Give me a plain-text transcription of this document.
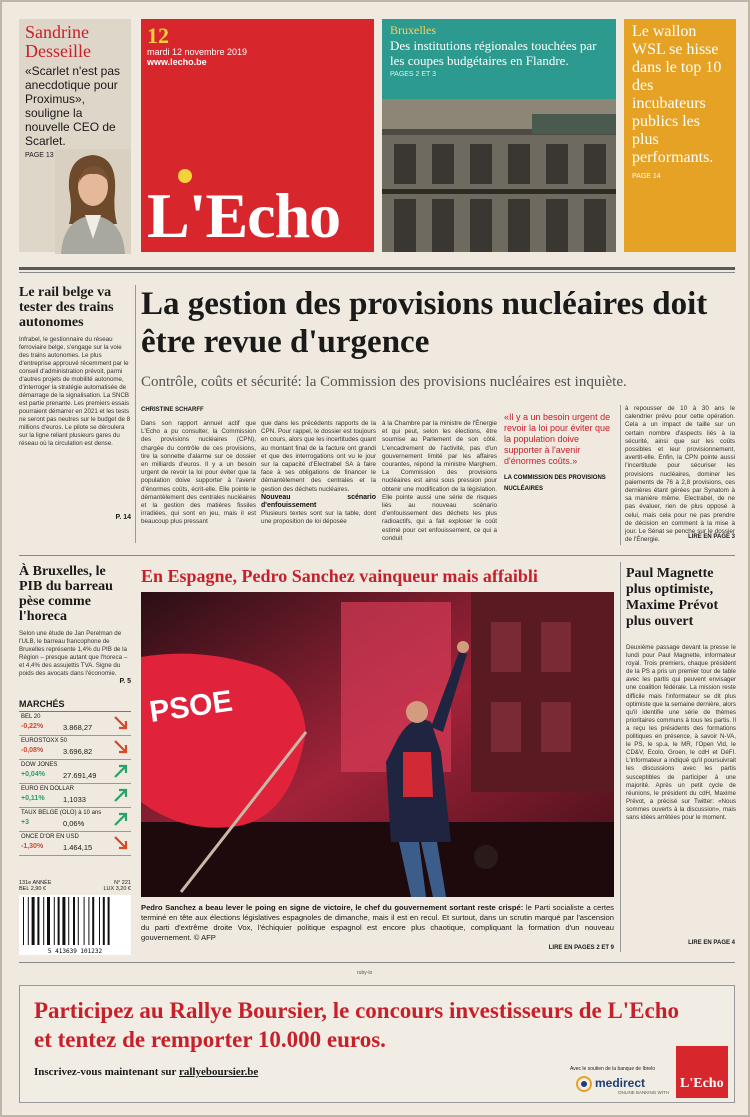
Sandrine Desseille
«Scarlet n'est pas anecdotique pour Proximus», souligne la nouvelle CEO de Scarlet.
PAGE 13
12
mardi 12 novembre 2019
www.lecho.be
L'Echo
Bruxelles
Des institutions régionales touchées par les coupes budgétaires en Flandre.
PAGES 2 ET 3
Le wallon WSL se hisse dans le top 10 des incubateurs publics les plus performants.
PAGE 14
Le rail belge va tester des trains autonomes

Infrabel, le gestionnaire du réseau ferroviaire belge, s'engage sur la voie des trains autonomes. Le plus d'entreprise approuvé récemment par le conseil d'administration prévoit, parmi d'autres projets de mobilité autonome, d'interroger la stratégie automatisée de démarrage de la signalisation. La SNCB est partie prenante. Les premiers essais pourraient démarrer en 2021 et les tests ne seront pas neutres sur le budget de 8 millions d'euros. Le pilote se déroulera sur la ligne reliant plusieurs gares du réseau où la circulation est dense.

P. 14
À Bruxelles, le PIB du barreau pèse comme l'horeca

Selon une étude de Jan Perelman de l'ULB, le barreau francophone de Bruxelles représente 1,4% du PIB de la Région – presque autant que l'horeca – et 4,4% des assujettis TVA. Signe du poids des avocats dans l'économie.

P. 5
MARCHÉS
BEL 20
-0,22%	3.868,27
EUROSTOXX 50
-0,08%	3.696,82
DOW JONES
+0,04% 27.691,49
EURO EN DOLLAR
+0,11% 1,1033
TAUX BELGE (OLO) à 10 ans
+3	0,06%
ONCE D'OR EN USD
-1,30%	1.464,15
131e ANNÉE	N° 221

BEL 2,90 €	LUX 3,20 €
5 413639 101232
La gestion des provisions nucléaires doit être revue d'urgence
Contrôle, coûts et sécurité: la Commission des provisions nucléaires est inquiète.
CHRISTINE SCHARFF
Dans son rapport annuel actif que L'Echo a pu consulter, la Commission des provisions nucléaires (CPN), chargée du contrôle de ces provisions, tire la sonnette d'alarme sur ce dossier en milliards d'euros. Il y a un besoin urgent de revoir la loi pour éviter que la population doive supporter à l'avenir d'énormes coûts, écrit-elle. Elle pointe le démantèlement des centrales nucléaires et la gestion des matières fissiles irradiées, qui sont en jeu, mais il est beaucoup plus pressant
que dans les précédents rapports de la CPN. Pour rappel, le dossier est toujours en cours, alors que les incertitudes quant au montant final de la facture ont grandi et que des interrogations ont vu le jour sur la capacité d'Electrabel SA à faire face à ses obligations de financer le démantèlement des centrales et la gestion des déchets nucléaires.
Nouveau scénario d'enfouissement
Plusieurs textes sont sur la table, dont une proposition de loi déposée
à la Chambre par la ministre de l'Énergie et qui peut, selon les élections, être soumise au Parlement de son côté. L'encadrement de l'activité, pas d'un gouvernement limité par les affaires courantes, répond la ministre Marghem. La Commission des provisions nucléaires est ainsi sous pression pour obtenir une modification de la législation. Elle pointe aussi une série de risques liés au nouveau scénario d'enfouissement des déchets les plus radioactifs, qui a fait exploser le coût estimé pour cet enfouissement, ce qui a conduit
«Il y a un besoin urgent de revoir la loi pour éviter que la population doive supporter à l'avenir d'énormes coûts.»
LA COMMISSION DES PROVISIONS NUCLÉAIRES
à repousser de 10 à 30 ans le calendrier prévu pour cette opération. Cela a un impact de taille sur un certain nombre d'aspects liés à la sécurité, ainsi que sur les coûts possibles et leur provisionnement, avertit-elle. Enfin, la CPN pointe aussi l'incertitude pour sécuriser les provisions nucléaires, dominer les paiements de 76 à 2,8 provisions, ces dernières étant gérées par Synatom à sa manière même. Electrabel, de ne pas évaluer, rien de plus opposé à celui, mais cela pour ne pas prendre de décision en comment à la mise à jour. Le Sénat se penche sur le dossier de l'Énergie.	LIRE EN PAGE 3
En Espagne, Pedro Sanchez vainqueur mais affaibli
PSOE
Pedro Sanchez a beau lever le poing en signe de victoire, le chef du gouvernement sortant reste crispé: le Parti socialiste a certes terminé en tête aux élections législatives espagnoles de dimanche, mais il est en recul. Et surtout, dans un scrutin marqué par l'ascension du parti d'extrême droite Vox, l'échiquier politique espagnol est encore plus chaotique, compliquant la formation d'un nouveau gouvernement. © AFP
LIRE EN PAGES 2 ET 9
Paul Magnette plus optimiste, Maxime Prévot plus ouvert
Deuxième passage devant la presse le lundi pour Paul Magnette, informateur royal. Trois premiers, chaque président de la PS a pris un premier tour de table avec les partis qui peuvent envisager une coalition fédérale. La mission reste difficile mais l'informateur se dit plus optimiste que la semaine dernière, alors qu'il identifie une série de thèmes prioritaires communs à tous les partis. Il a reçu les présidents des formations politiques en présence, à savoir N-VA, le PS, le sp.a, le MR, l'Open Vld, le CD&V, Ecolo, Groen, le cdH et DéFI. L'informateur a indiqué qu'il poursuivrait les discussions avec les partis susceptibles de participer à une majorité. Après un petit cycle de réunions, le président du cdH, Maxime Prévot, a précisé sur Twitter: «Nous sommes ouverts à la discussion», mais sans idées arrêtées pour le moment.
LIRE EN PAGE 4
ruby-lo
Participez au Rallye Boursier, le concours investisseurs de L'Echo et tentez de remporter 10.000 euros.
Inscrivez-vous maintenant sur rallyeboursier.be	Avec le soutien de la banque de Ibrelo
medirect
ONLINE BANKING WITH
L'Echo
